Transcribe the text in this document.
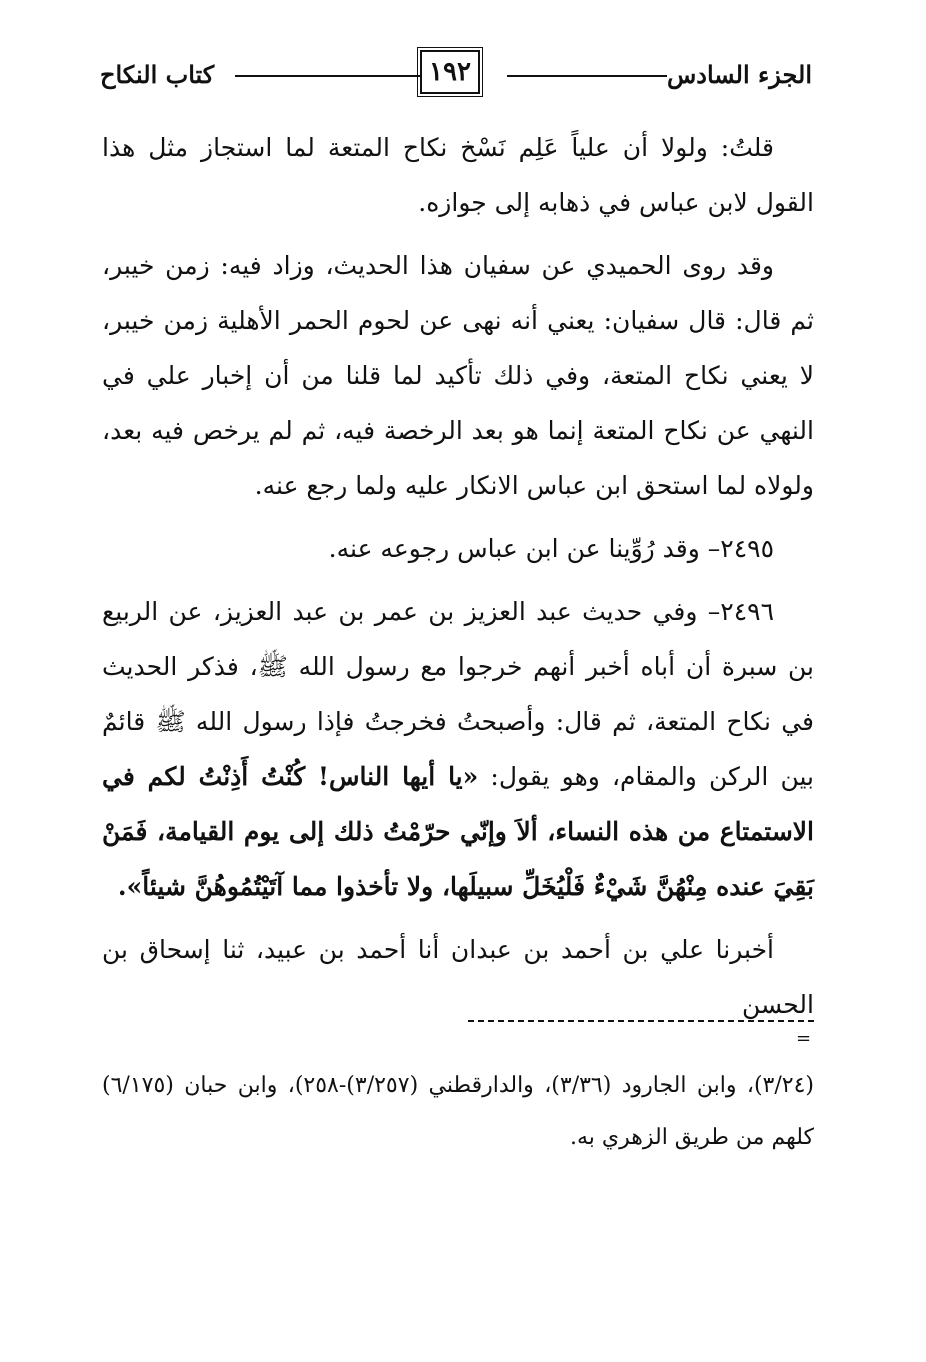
الجزء السادس
١٩٢
كتاب النكاح

قلتُ: ولولا أن علياً عَلِم نَسْخ نكاح المتعة لما استجاز مثل هذا القول لابن عباس في ذهابه إلى جوازه.

وقد روى الحميدي عن سفيان هذا الحديث، وزاد فيه: زمن خيبر، ثم قال: قال سفيان: يعني أنه نهى عن لحوم الحمر الأهلية زمن خيبر، لا يعني نكاح المتعة، وفي ذلك تأكيد لما قلنا من أن إخبار علي في النهي عن نكاح المتعة إنما هو بعد الرخصة فيه، ثم لم يرخص فيه بعد، ولولاه لما استحق ابن عباس الانكار عليه ولما رجع عنه.

٢٤٩٥– وقد رُوِّينا عن ابن عباس رجوعه عنه.

٢٤٩٦– وفي حديث عبد العزيز بن عمر بن عبد العزيز، عن الربيع بن سبرة أن أباه أخبر أنهم خرجوا مع رسول الله ﷺ، فذكر الحديث في نكاح المتعة، ثم قال: وأصبحتُ فخرجتُ فإذا رسول الله ﷺ قائمٌ بين الركن والمقام، وهو يقول: «يا أيها الناس! كُنْتُ أَذِنْتُ لكم في الاستمتاع من هذه النساء، ألاَ وإنّي حرّمْتُ ذلك إلى يوم القيامة، فَمَنْ بَقِيَ عنده مِنْهُنَّ شَيْءٌ فَلْيُخَلِّ سبيلَها، ولا تأخذوا مما آتَيْتُمُوهُنَّ شيئاً».

أخبرنا علي بن أحمد بن عبدان أنا أحمد بن عبيد، ثنا إسحاق بن الحسن

=
(٣/٢٤)، وابن الجارود (٣/٣٦)، والدارقطني (٣/٢٥٧)-٢٥٨)، وابن حبان (٦/١٧٥) كلهم من طريق الزهري به.
